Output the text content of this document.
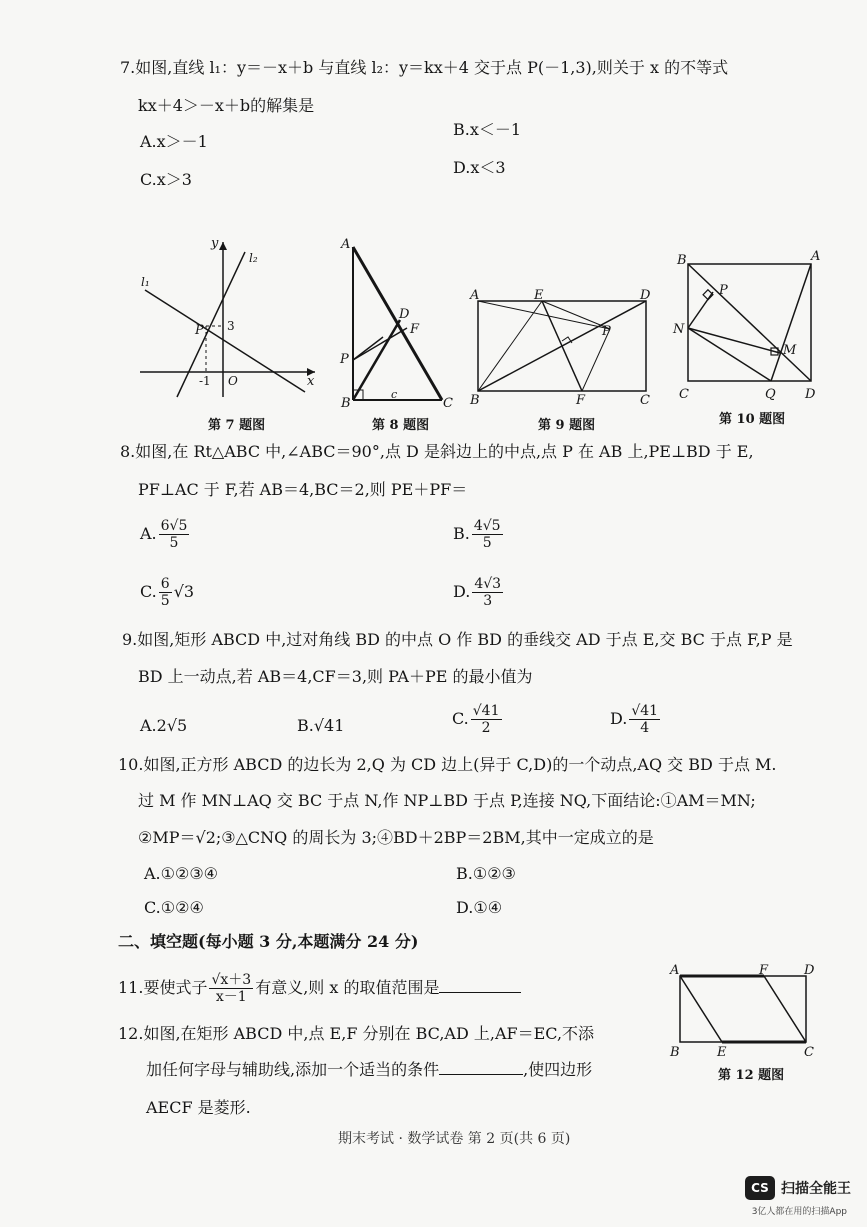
7.如图,直线 l₁：y＝－x＋b 与直线 l₂：y＝kx＋4 交于点 P(－1,3),则关于 x 的不等式
kx＋4＞－x＋b的解集是
A.x＞－1
B.x＜－1
C.x＞3
D.x＜3
y
l₂
l₁
P 3
-1 O	x
第 7 题图
A
D
F
P
B
c
C
第 8 题图
A	E	D
P
B	F	C
第 9 题图
B	A
P
N
M
C	Q D
第 10 题图
8.如图,在 Rt△ABC 中,∠ABC＝90°,点 D 是斜边上的中点,点 P 在 AB 上,PE⊥BD 于 E,
PF⊥AC 于 F,若 AB＝4,BC＝2,则 PE＋PF＝
A. $\frac{6√5}{5}$	B. $\frac{4√5}{5}$
C. $\frac{6}{5} √3$	D. $\frac{4√3}{3}$
9.如图,矩形 ABCD 中,过对角线 BD 的中点 O 作 BD 的垂线交 AD 于点 E,交 BC 于点 F,P 是
BD 上一动点,若 AB＝4,CF＝3,则 PA＋PE 的最小值为
A.2√5	B.√41	C. $\frac{√41}{2}$	D. $\frac{√41}{4}$
10.如图,正方形 ABCD 的边长为 2,Q 为 CD 边上(异于 C,D)的一个动点,AQ 交 BD 于点 M.
过 M 作 MN⊥AQ 交 BC 于点 N,作 NP⊥BD 于点 P,连接 NQ,下面结论:①AM＝MN;
②MP＝√2;③△CNQ 的周长为 3;④BD＋2BP＝2BM,其中一定成立的是
A.①②③④	B.①②③
C.①②④	D.①④
二、填空题(每小题 3 分,本题满分 24 分)
11.要使式子 $\frac{√x+3}{x-1}$ 有意义,则 x 的取值范围是
12.如图,在矩形 ABCD 中,点 E,F 分别在 BC,AD 上,AF＝EC,不添
加任何字母与辅助线,添加一个适当的条件	,使四边形
AECF 是菱形.
A	F	D
B	E	C
第 12 题图
期末考试 · 数学试卷 第 2 页(共 6 页)
CS 扫描全能王
3亿人都在用的扫描App
